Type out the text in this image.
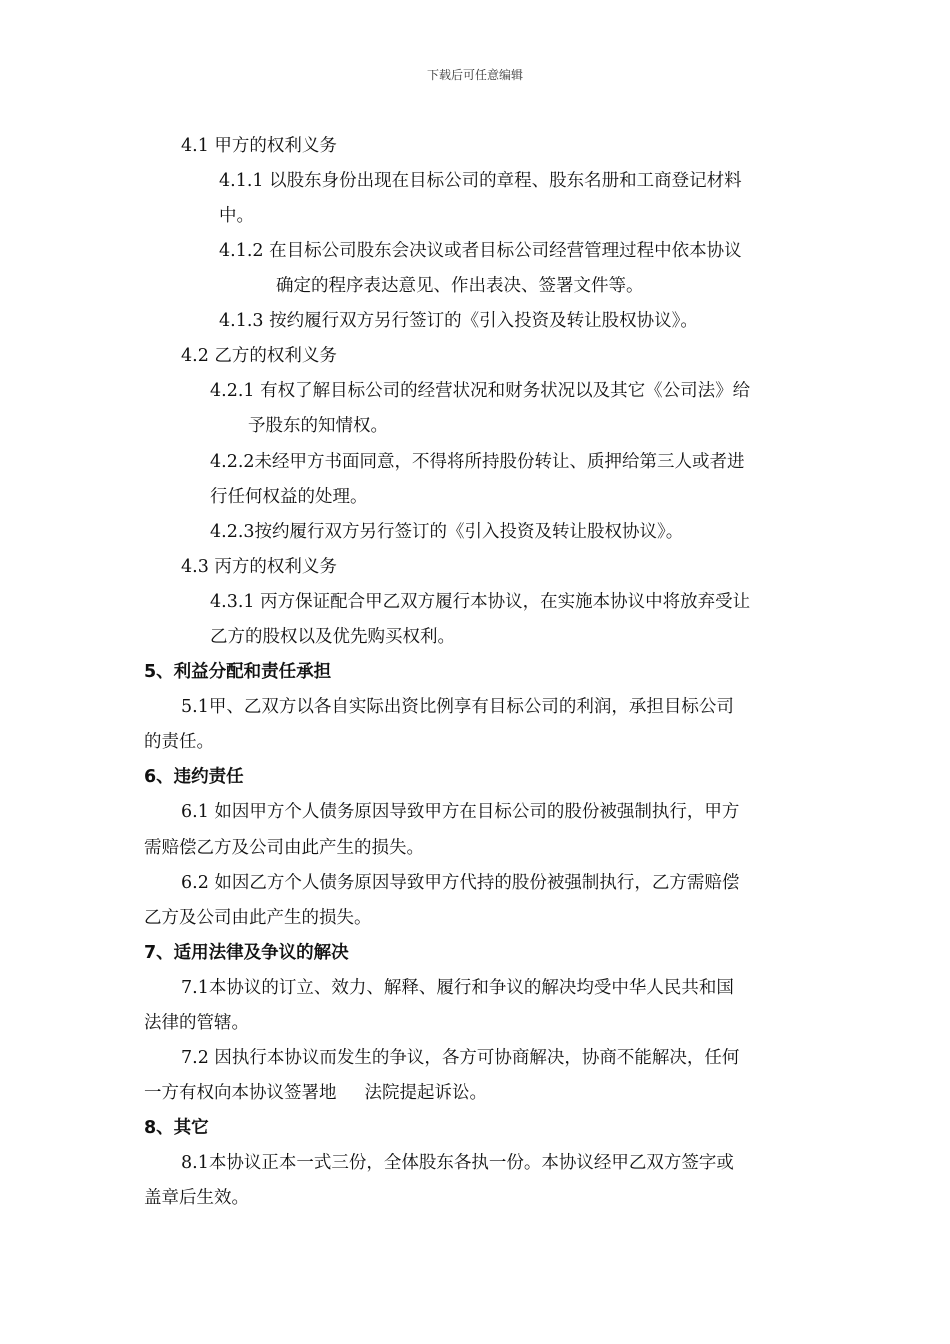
下载后可任意编辑
4.1 甲方的权利义务
4.1.1 以股东身份出现在目标公司的章程、股东名册和工商登记材料
中。
4.1.2 在目标公司股东会决议或者目标公司经营管理过程中依本协议
确定的程序表达意见、作出表决、签署文件等。
4.1.3 按约履行双方另行签订的《引入投资及转让股权协议》。
4.2 乙方的权利义务
4.2.1 有权了解目标公司的经营状况和财务状况以及其它《公司法》给
予股东的知情权。
4.2.2未经甲方书面同意，不得将所持股份转让、质押给第三人或者进
行任何权益的处理。
4.2.3按约履行双方另行签订的《引入投资及转让股权协议》。
4.3 丙方的权利义务
4.3.1 丙方保证配合甲乙双方履行本协议，在实施本协议中将放弃受让
乙方的股权以及优先购买权利。
5、利益分配和责任承担
5.1甲、乙双方以各自实际出资比例享有目标公司的利润，承担目标公司
的责任。
6、违约责任
6.1 如因甲方个人债务原因导致甲方在目标公司的股份被强制执行，甲方
需赔偿乙方及公司由此产生的损失。
6.2 如因乙方个人债务原因导致甲方代持的股份被强制执行，乙方需赔偿
乙方及公司由此产生的损失。
7、适用法律及争议的解决
7.1本协议的订立、效力、解释、履行和争议的解决均受中华人民共和国
法律的管辖。
7.2 因执行本协议而发生的争议，各方可协商解决，协商不能解决，任何
一方有权向本协议签署地 法院提起诉讼。
8、其它
8.1本协议正本一式三份，全体股东各执一份。本协议经甲乙双方签字或
盖章后生效。
